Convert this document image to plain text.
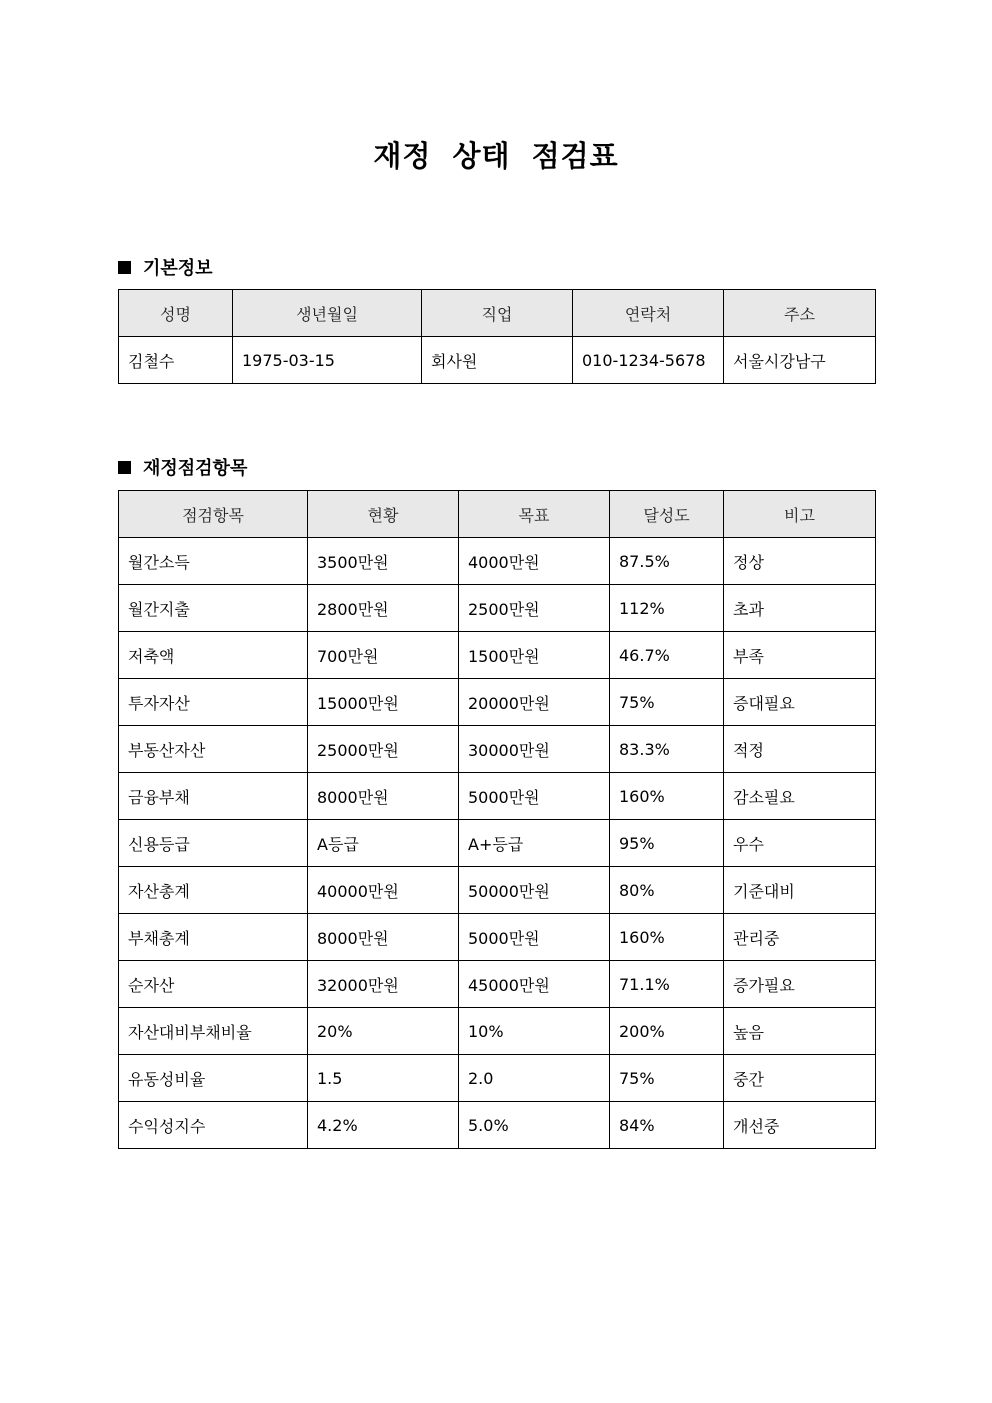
재정 상태 점검표
기본정보
성명	생년월일	직업	연락처	주소
김철수	1975-03-15	회사원	010-1234-5678	서울시강남구
재정점검항목
점검항목	현황	목표	달성도	비고
월간소득	3500만원	4000만원	87.5%	정상
월간지출	2800만원	2500만원	112%	초과
저축액	700만원	1500만원	46.7%	부족
투자자산	15000만원	20000만원	75%	증대필요
부동산자산	25000만원	30000만원	83.3%	적정
금융부채	8000만원	5000만원	160%	감소필요
신용등급	A등급	A+등급	95%	우수
자산총계	40000만원	50000만원	80%	기준대비
부채총계	8000만원	5000만원	160%	관리중
순자산	32000만원	45000만원	71.1%	증가필요
자산대비부채비율	20%	10%	200%	높음
유동성비율	1.5	2.0	75%	중간
수익성지수	4.2%	5.0%	84%	개선중
